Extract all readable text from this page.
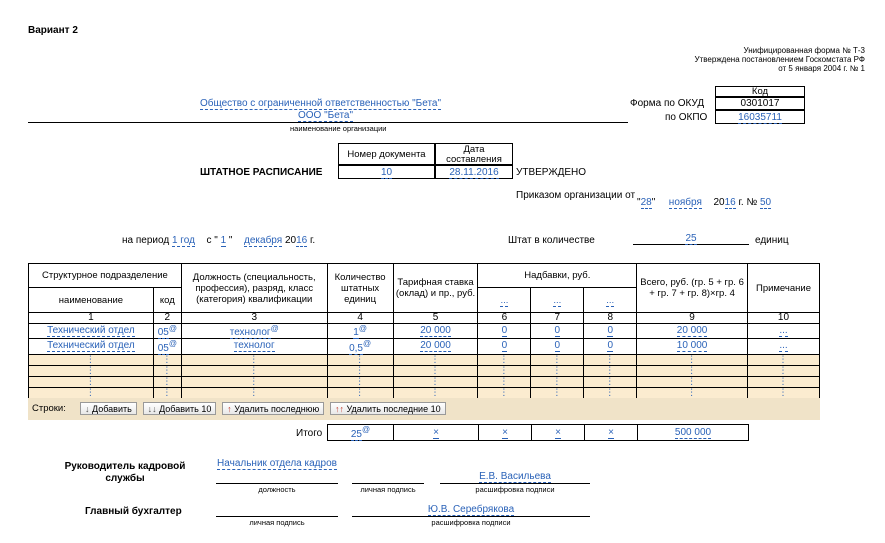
Вариант 2
Унифицированная форма № Т-3
Утверждена постановлением Госкомстата РФ
от 5 января 2004 г. № 1
Общество с ограниченной ответственностью "Бета"
ООО "Бета"
наименование организации
Код
Форма по ОКУД	0301017
по ОКПО	16035711
Номер документа	Дата составления
ШТАТНОЕ РАСПИСАНИЕ	10	28.11.2016	УТВЕРЖДЕНО
Приказом организации от
"28"  ноября 2016 г. № 50
на период 1 год с " 1 "  декабря 2016 г.	Штат в количестве	25	единиц
Структурное подразделение		Должность (специальность, профессия), разряд, класс (категория) квалификации	Количество штатных единиц	Тарифная ставка (оклад) и пр., руб.	Надбавки, руб.			Всего, руб. (гр. 5 + гр. 6 + гр. 7 + гр. 8)×гр. 4	Примечание
наименование	код				...	...	...		
1	2	3	4	5	6	7	8	9	10
Технический отдел	05@	технолог@	1@	20 000	0	0	0	20 000	...
Технический отдел	05@	технолог	0,5@	20 000	0	0	0	10 000	...
⋮	⋮	⋮	⋮	⋮	⋮	⋮	⋮	⋮	⋮
⋮	⋮	⋮	⋮	⋮	⋮	⋮	⋮	⋮	⋮
⋮	⋮	⋮	⋮	⋮	⋮	⋮	⋮	⋮	⋮
⋮	⋮	⋮	⋮	⋮	⋮	⋮	⋮	⋮	⋮
Строки:	↓ Добавить ↓↓ Добавить 10 ↑ Удалить последнюю ↑↑ Удалить последние 10
Итого	25@	×	×	×	×	500 000
Руководитель кадровой службы
Начальник отдела кадров
должность	личная подпись
Е.В. Васильева
расшифровка подписи
Главный бухгалтер
личная подпись
Ю.В. Серебрякова
расшифровка подписи
